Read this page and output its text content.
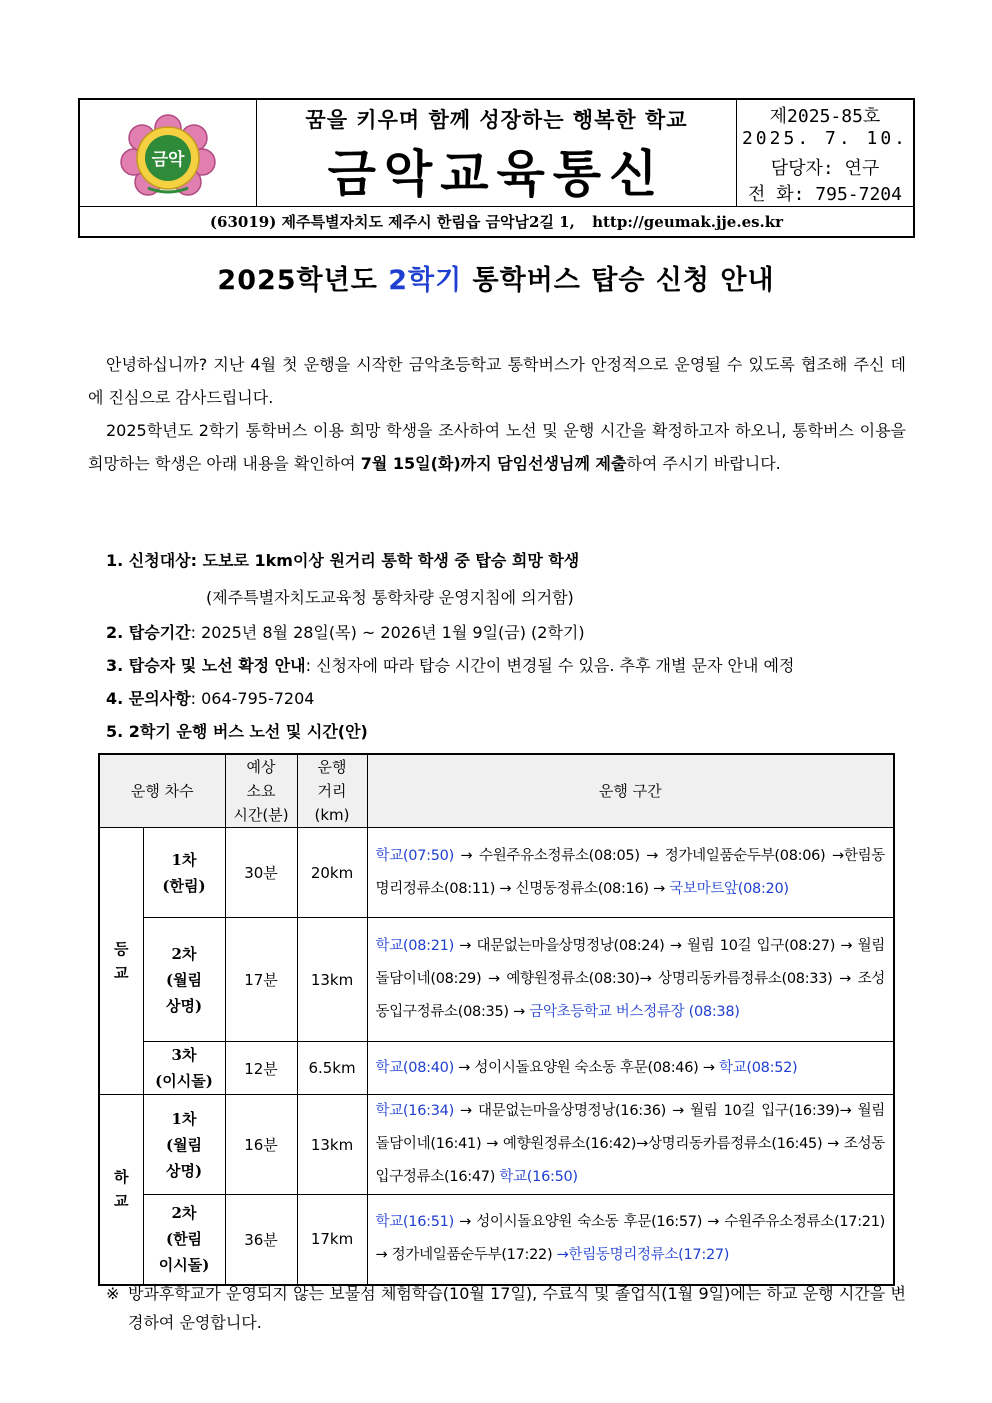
금악
꿈을 키우며 함께 성장하는 행복한 학교
금악교육통신
제2025-85호
2025. 7. 10.
담당자: 연구
전 화: 795-7204
(63019) 제주특별자치도 제주시 한림읍 금악남2길 1, http://geumak.jje.es.kr
2025학년도 2학기 통학버스 탑승 신청 안내
안녕하십니까? 지난 4월 첫 운행을 시작한 금악초등학교 통학버스가 안정적으로 운영될 수 있도록 협조해 주신 데에 진심으로 감사드립니다.
2025학년도 2학기 통학버스 이용 희망 학생을 조사하여 노선 및 운행 시간을 확정하고자 하오니, 통학버스 이용을 희망하는 학생은 아래 내용을 확인하여 7월 15일(화)까지 담임선생님께 제출하여 주시기 바랍니다.
1. 신청대상: 도보로 1km이상 원거리 통학 학생 중 탑승 희망 학생
(제주특별자치도교육청 통학차량 운영지침에 의거함)
2. 탑승기간: 2025년 8월 28일(목) ~ 2026년 1월 9일(금) (2학기)
3. 탑승자 및 노선 확정 안내: 신청자에 따라 탑승 시간이 변경될 수 있음. 추후 개별 문자 안내 예정
4. 문의사항: 064-795-7204
5. 2학기 운행 버스 노선 및 시간(안)
운행 차수		예상
소요
시간(분)	운행
거리
(km)	운행 구간
등
교	1차
(한림)	30분	20km	학교(07:50) → 수원주유소정류소(08:05) → 정가네일품순두부(08:06) →한림동명리정류소(08:11) → 신명동정류소(08:16) → 국보마트앞(08:20)
	2차
(월림
상명)	17분	13km	학교(08:21) → 대문없는마을상명정낭(08:24) → 월림 10길 입구(08:27) → 월림 돌담이네(08:29) → 예향원정류소(08:30)→ 상명리동카름정류소(08:33) → 조성동입구정류소(08:35) → 금악초등학교 버스정류장 (08:38)
	3차
(이시돌)	12분	6.5km	학교(08:40) → 성이시돌요양원 숙소동 후문(08:46) → 학교(08:52)
하
교	1차
(월림
상명)	16분	13km	학교(16:34) → 대문없는마을상명정낭(16:36) → 월림 10길 입구(16:39)→ 월림 돌담이네(16:41) → 예향원정류소(16:42)→상명리동카름정류소(16:45) → 조성동입구정류소(16:47) 학교(16:50)
	2차
(한림
이시돌)	36분	17km	학교(16:51) → 성이시돌요양원 숙소동 후문(16:57) → 수원주유소정류소(17:21) → 정가네일품순두부(17:22) →한림동명리정류소(17:27)
※ 방과후학교가 운영되지 않는 보물섬 체험학습(10월 17일), 수료식 및 졸업식(1월 9일)에는 하교 운행 시간을 변경하여 운영합니다.
